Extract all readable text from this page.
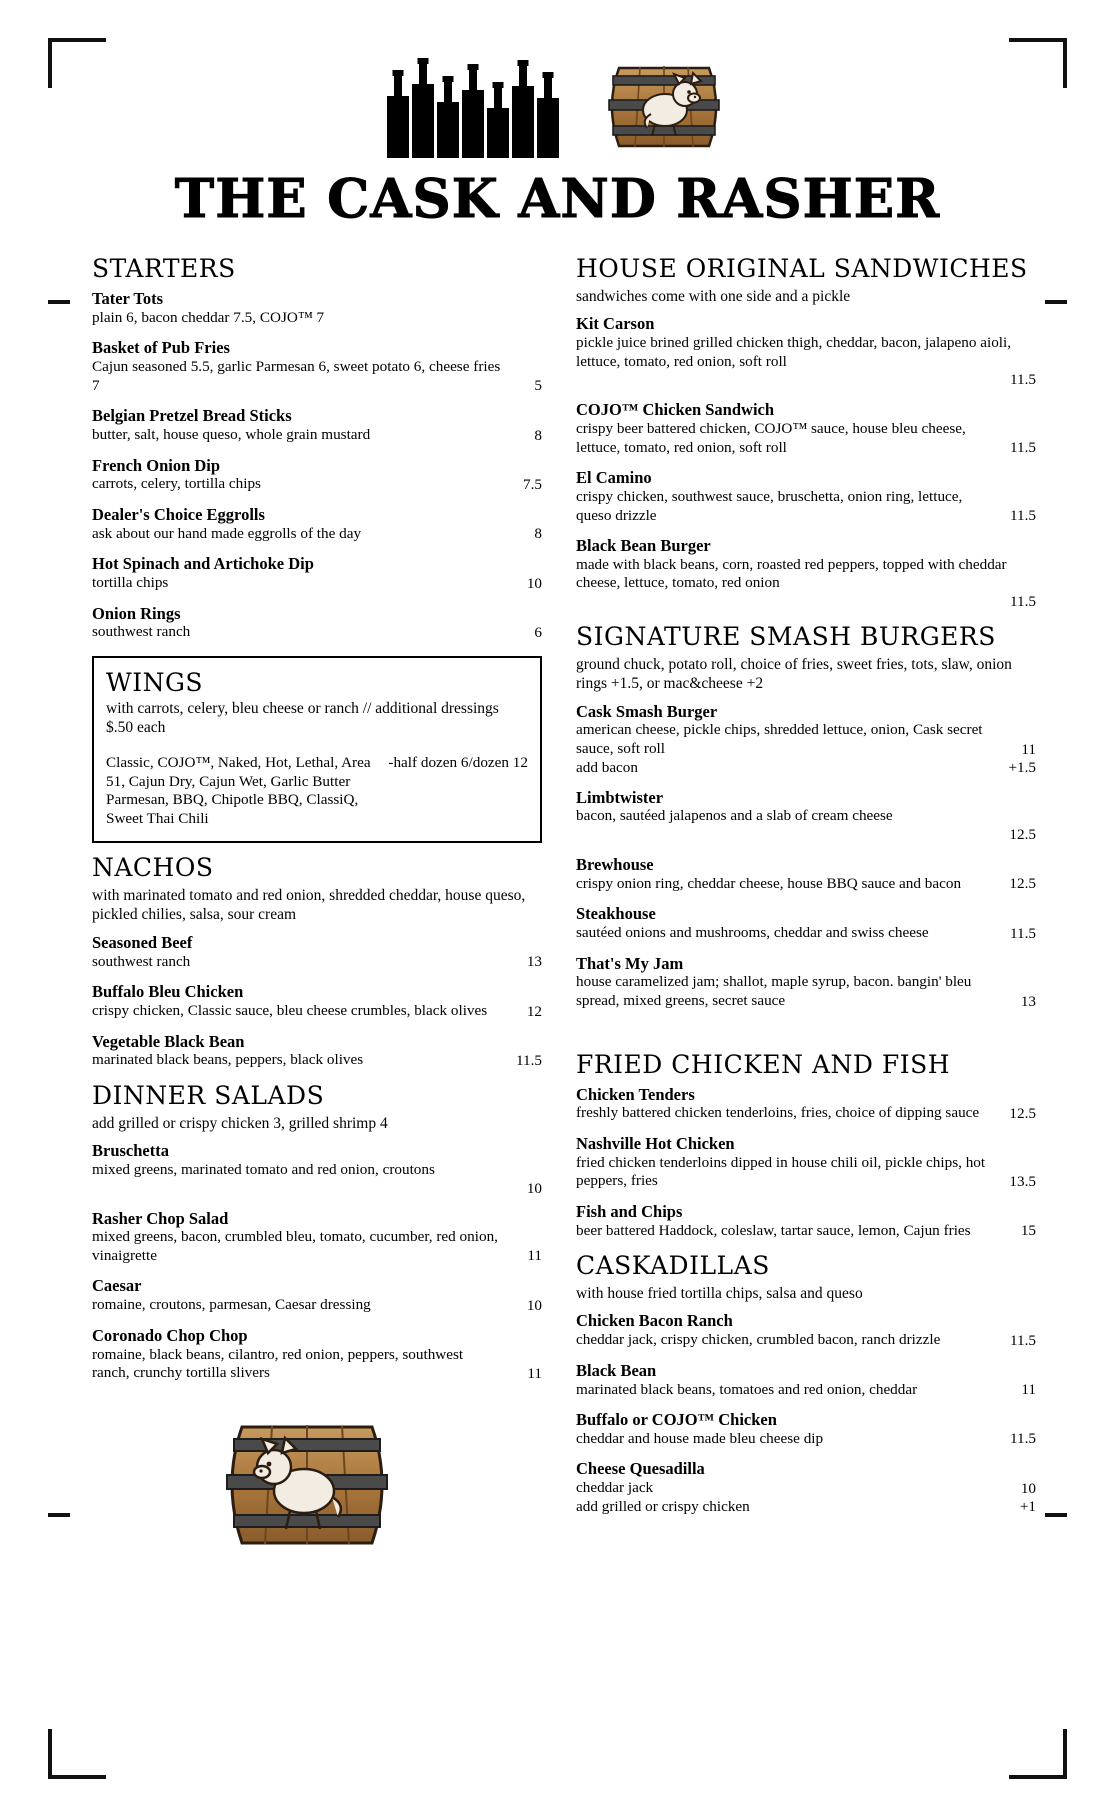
THE CASK AND RASHER
STARTERS
Tater Tots
plain 6, bacon cheddar 7.5, COJO™ 7
Basket of Pub Fries
Cajun seasoned 5.5, garlic Parmesan 6, sweet potato 6, cheese fries 7	5
Belgian Pretzel Bread Sticks
butter, salt, house queso, whole grain mustard	8
French Onion Dip
carrots, celery, tortilla chips	7.5
Dealer's Choice Eggrolls
ask about our hand made eggrolls of the day	8
Hot Spinach and Artichoke Dip
tortilla chips	10
Onion Rings
southwest ranch	6
WINGS
with carrots, celery, bleu cheese or ranch // additional dressings $.50 each
Classic, COJO™, Naked, Hot, Lethal, Area 51, Cajun Dry, Cajun Wet, Garlic Butter Parmesan, BBQ, Chipotle BBQ, ClassiQ, Sweet Thai Chili
-half dozen 6/dozen 12
NACHOS
with marinated tomato and red onion, shredded cheddar, house queso, pickled chilies, salsa, sour cream
Seasoned Beef
southwest ranch	13
Buffalo Bleu Chicken
crispy chicken, Classic sauce, bleu cheese crumbles, black olives	12
Vegetable Black Bean
marinated black beans, peppers, black olives	11.5
DINNER SALADS
add grilled or crispy chicken 3, grilled shrimp 4
Bruschetta
mixed greens, marinated tomato and red onion, croutons
10
Rasher Chop Salad
mixed greens, bacon, crumbled bleu, tomato, cucumber, red onion, vinaigrette	11
Caesar
romaine, croutons, parmesan, Caesar dressing	10
Coronado Chop Chop
romaine, black beans, cilantro, red onion, peppers, southwest ranch, crunchy tortilla slivers	11
HOUSE ORIGINAL SANDWICHES
sandwiches come with one side and a pickle
Kit Carson
pickle juice brined grilled chicken thigh, cheddar, bacon, jalapeno aioli, lettuce, tomato, red onion, soft roll
11.5
COJO™ Chicken Sandwich
crispy beer battered chicken, COJO™ sauce, house bleu cheese, lettuce, tomato, red onion, soft roll	11.5
El Camino
crispy chicken, southwest sauce, bruschetta, onion ring, lettuce, queso drizzle	11.5
Black Bean Burger
made with black beans, corn, roasted red peppers, topped with cheddar cheese, lettuce, tomato, red onion
11.5
SIGNATURE SMASH BURGERS
ground chuck, potato roll, choice of fries, sweet fries, tots, slaw, onion rings +1.5, or mac&cheese +2
Cask Smash Burger
american cheese, pickle chips, shredded lettuce, onion, Cask secret sauce, soft roll	11
add bacon	+1.5
Limbtwister
bacon, sautéed jalapenos and a slab of cream cheese
12.5
Brewhouse
crispy onion ring, cheddar cheese, house BBQ sauce and bacon	12.5
Steakhouse
sautéed onions and mushrooms, cheddar and swiss cheese	11.5
That's My Jam
house caramelized jam; shallot, maple syrup, bacon. bangin' bleu spread, mixed greens, secret sauce	13
FRIED CHICKEN AND FISH
Chicken Tenders
freshly battered chicken tenderloins, fries, choice of dipping sauce	12.5
Nashville Hot Chicken
fried chicken tenderloins dipped in house chili oil, pickle chips, hot peppers, fries	13.5
Fish and Chips
beer battered Haddock, coleslaw, tartar sauce, lemon, Cajun fries	15
CASKADILLAS
with house fried tortilla chips, salsa and queso
Chicken Bacon Ranch
cheddar jack, crispy chicken, crumbled bacon, ranch drizzle	11.5
Black Bean
marinated black beans, tomatoes and red onion, cheddar	11
Buffalo or COJO™ Chicken
cheddar and house made bleu cheese dip	11.5
Cheese Quesadilla
cheddar jack	10
add grilled or crispy chicken	+1
